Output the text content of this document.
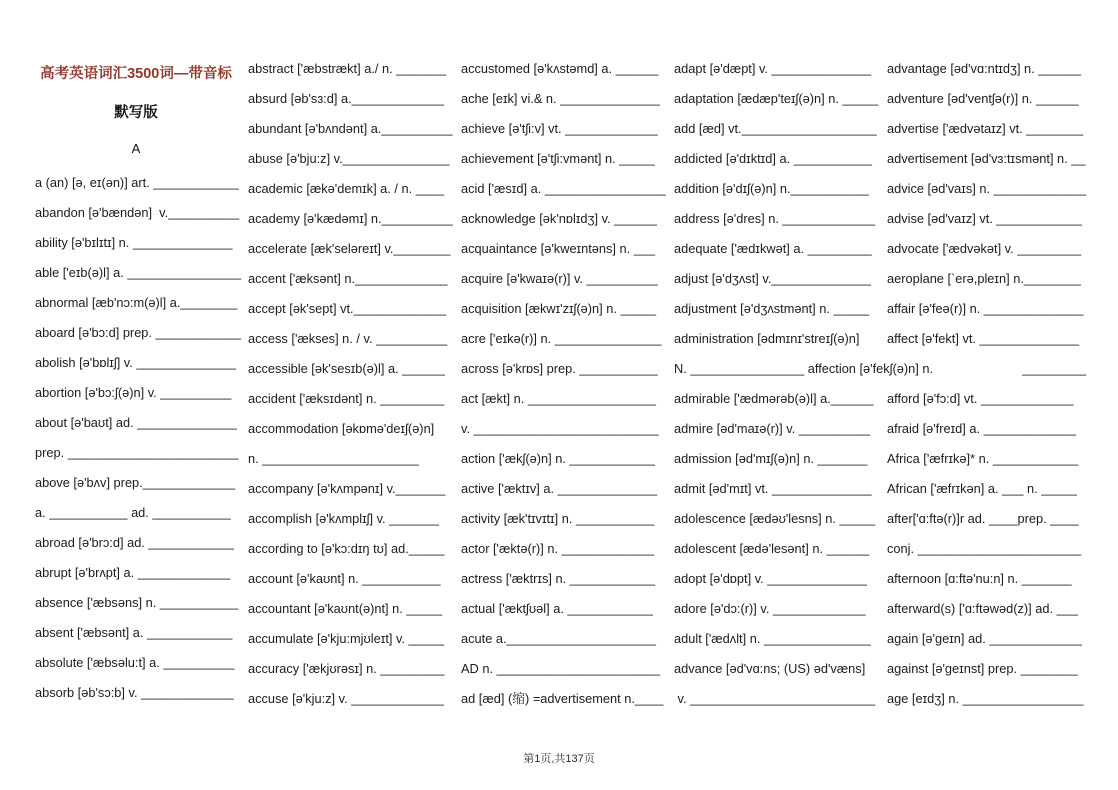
高考英语词汇3500词—带音标
默写版
A
a (an) [ə, eɪ(ən)] art. ____________
abandon [ə'bændən]  v.__________
ability [ə'bɪlɪtɪ] n. ______________
able ['eɪb(ə)l] a. ________________
abnormal [æb'nɔ:m(ə)l] a.________
aboard [ə'bɔ:d] prep. ____________
abolish [ə'bɒlɪʃ] v. ______________
abortion [ə'bɔ:ʃ(ə)n] v. __________
about [ə'baʊt] ad. ______________
prep. ________________________
above [ə'bʌv] prep._____________
a. ___________ ad. ___________
abroad [ə'brɔ:d] ad. ____________
abrupt [ə'brʌpt] a. _____________
absence ['æbsəns] n. ___________
absent ['æbsənt] a. ____________
absolute ['æbsəlu:t] a. __________
absorb [əb'sɔ:b] v. _____________
abstract ['æbstrækt] a./ n. _______
absurd [əb'sɜ:d] a._____________
abundant [ə'bʌndənt] a.__________
abuse [ə'bju:z] v._______________
academic [ækə'demɪk] a. / n. ____
academy [ə'kædəmɪ] n.__________
accelerate [æk'seləreɪt] v.________
accent ['æksənt] n._____________
accept [ək'sept] vt._____________
access ['ækses] n. / v. __________
accessible [ək'sesɪb(ə)l] a. ______
accident ['æksɪdənt] n. _________
accommodation [əkɒmə'deɪʃ(ə)n]
n. ______________________
accompany [ə'kʌmpənɪ] v._______
accomplish [ə'kʌmplɪʃ] v. _______
according to [ə'kɔ:dɪŋ tʊ] ad._____
account [ə'kaʊnt] n. ___________
accountant [ə'kaʊnt(ə)nt] n. _____
accumulate [ə'kju:mjʊleɪt] v. _____
accuracy ['ækjʊrəsɪ] n. _________
accuse [ə'kju:z] v. _____________
accustomed [ə'kʌstəmd] a. ______
ache [eɪk] vi.& n. ______________
achieve [ə'tʃi:v] vt. _____________
achievement [ə'tʃi:vmənt] n. _____
acid ['æsɪd] a. _________________
acknowledge [ək'nɒlɪdʒ] v. ______
acquaintance [ə'kweɪntəns] n. ___
acquire [ə'kwaɪə(r)] v. __________
acquisition [ækwɪ'zɪʃ(ə)n] n. _____
acre ['eɪkə(r)] n. _______________
across [ə'krɒs] prep. ___________
act [ækt] n. __________________
v. __________________________
action ['ækʃ(ə)n] n. ____________
active ['æktɪv] a. ______________
activity [æk'tɪvɪtɪ] n. ___________
actor ['æktə(r)] n. _____________
actress ['æktrɪs] n. ____________
actual ['æktʃʊəl] a. ____________
acute a._____________________
AD n. _______________________
ad [æd] (缩) =advertisement n.____
adapt [ə'dæpt] v. ______________
adaptation [ædæp'teɪʃ(ə)n] n. _____
add [æd] vt.___________________
addicted [ə'dɪktɪd] a. ___________
addition [ə'dɪʃ(ə)n] n.___________
address [ə'dres] n. _____________
adequate ['ædɪkwət] a. _________
adjust [ə'dʒʌst] v.______________
adjustment [ə'dʒʌstmənt] n. _____
administration [ədmɪnɪ'streɪʃ(ə)n]
N. ________________ affection [ə'fekʃ(ə)n] n.
admirable ['ædmərəb(ə)l] a.______
admire [əd'maɪə(r)] v. __________
admission [əd'mɪʃ(ə)n] n. _______
admit [əd'mɪt] vt. ______________
adolescence [ædəʊ'lesns] n. _____
adolescent [ædə'lesənt] n. ______
adopt [ə'dɒpt] v. ______________
adore [ə'dɔ:(r)] v. _____________
adult ['ædʌlt] n. _______________
advance [əd'vɑ:ns; (US) əd'væns]
v. __________________________
advantage [əd'vɑ:ntɪdʒ] n. ______
adventure [əd'ventʃə(r)] n. ______
advertise ['ædvətaɪz] vt. ________
advertisement [əd'vɜ:tɪsmənt] n. __
advice [əd'vaɪs] n. _____________
advise [əd'vaɪz] vt. ____________
advocate ['ædvəkət] v. _________
aeroplane [`erə,pleɪn] n.________
affair [ə'feə(r)] n. ______________
affect [ə'fekt] vt. ______________
_________
afford [ə'fɔ:d] vt. _____________
afraid [ə'freɪd] a. _____________
Africa ['æfrɪkə]* n. ____________
African ['æfrɪkən] a. ___ n. _____
after['ɑ:ftə(r)]r ad. ____prep. ____
conj. _______________________
afternoon [ɑ:ftə'nu:n] n. _______
afterward(s) ['ɑ:ftəwəd(z)] ad. ___
again [ə'geɪn] ad. _____________
against [ə'geɪnst] prep. ________
age [eɪdʒ] n. _________________
第1页,共137页
